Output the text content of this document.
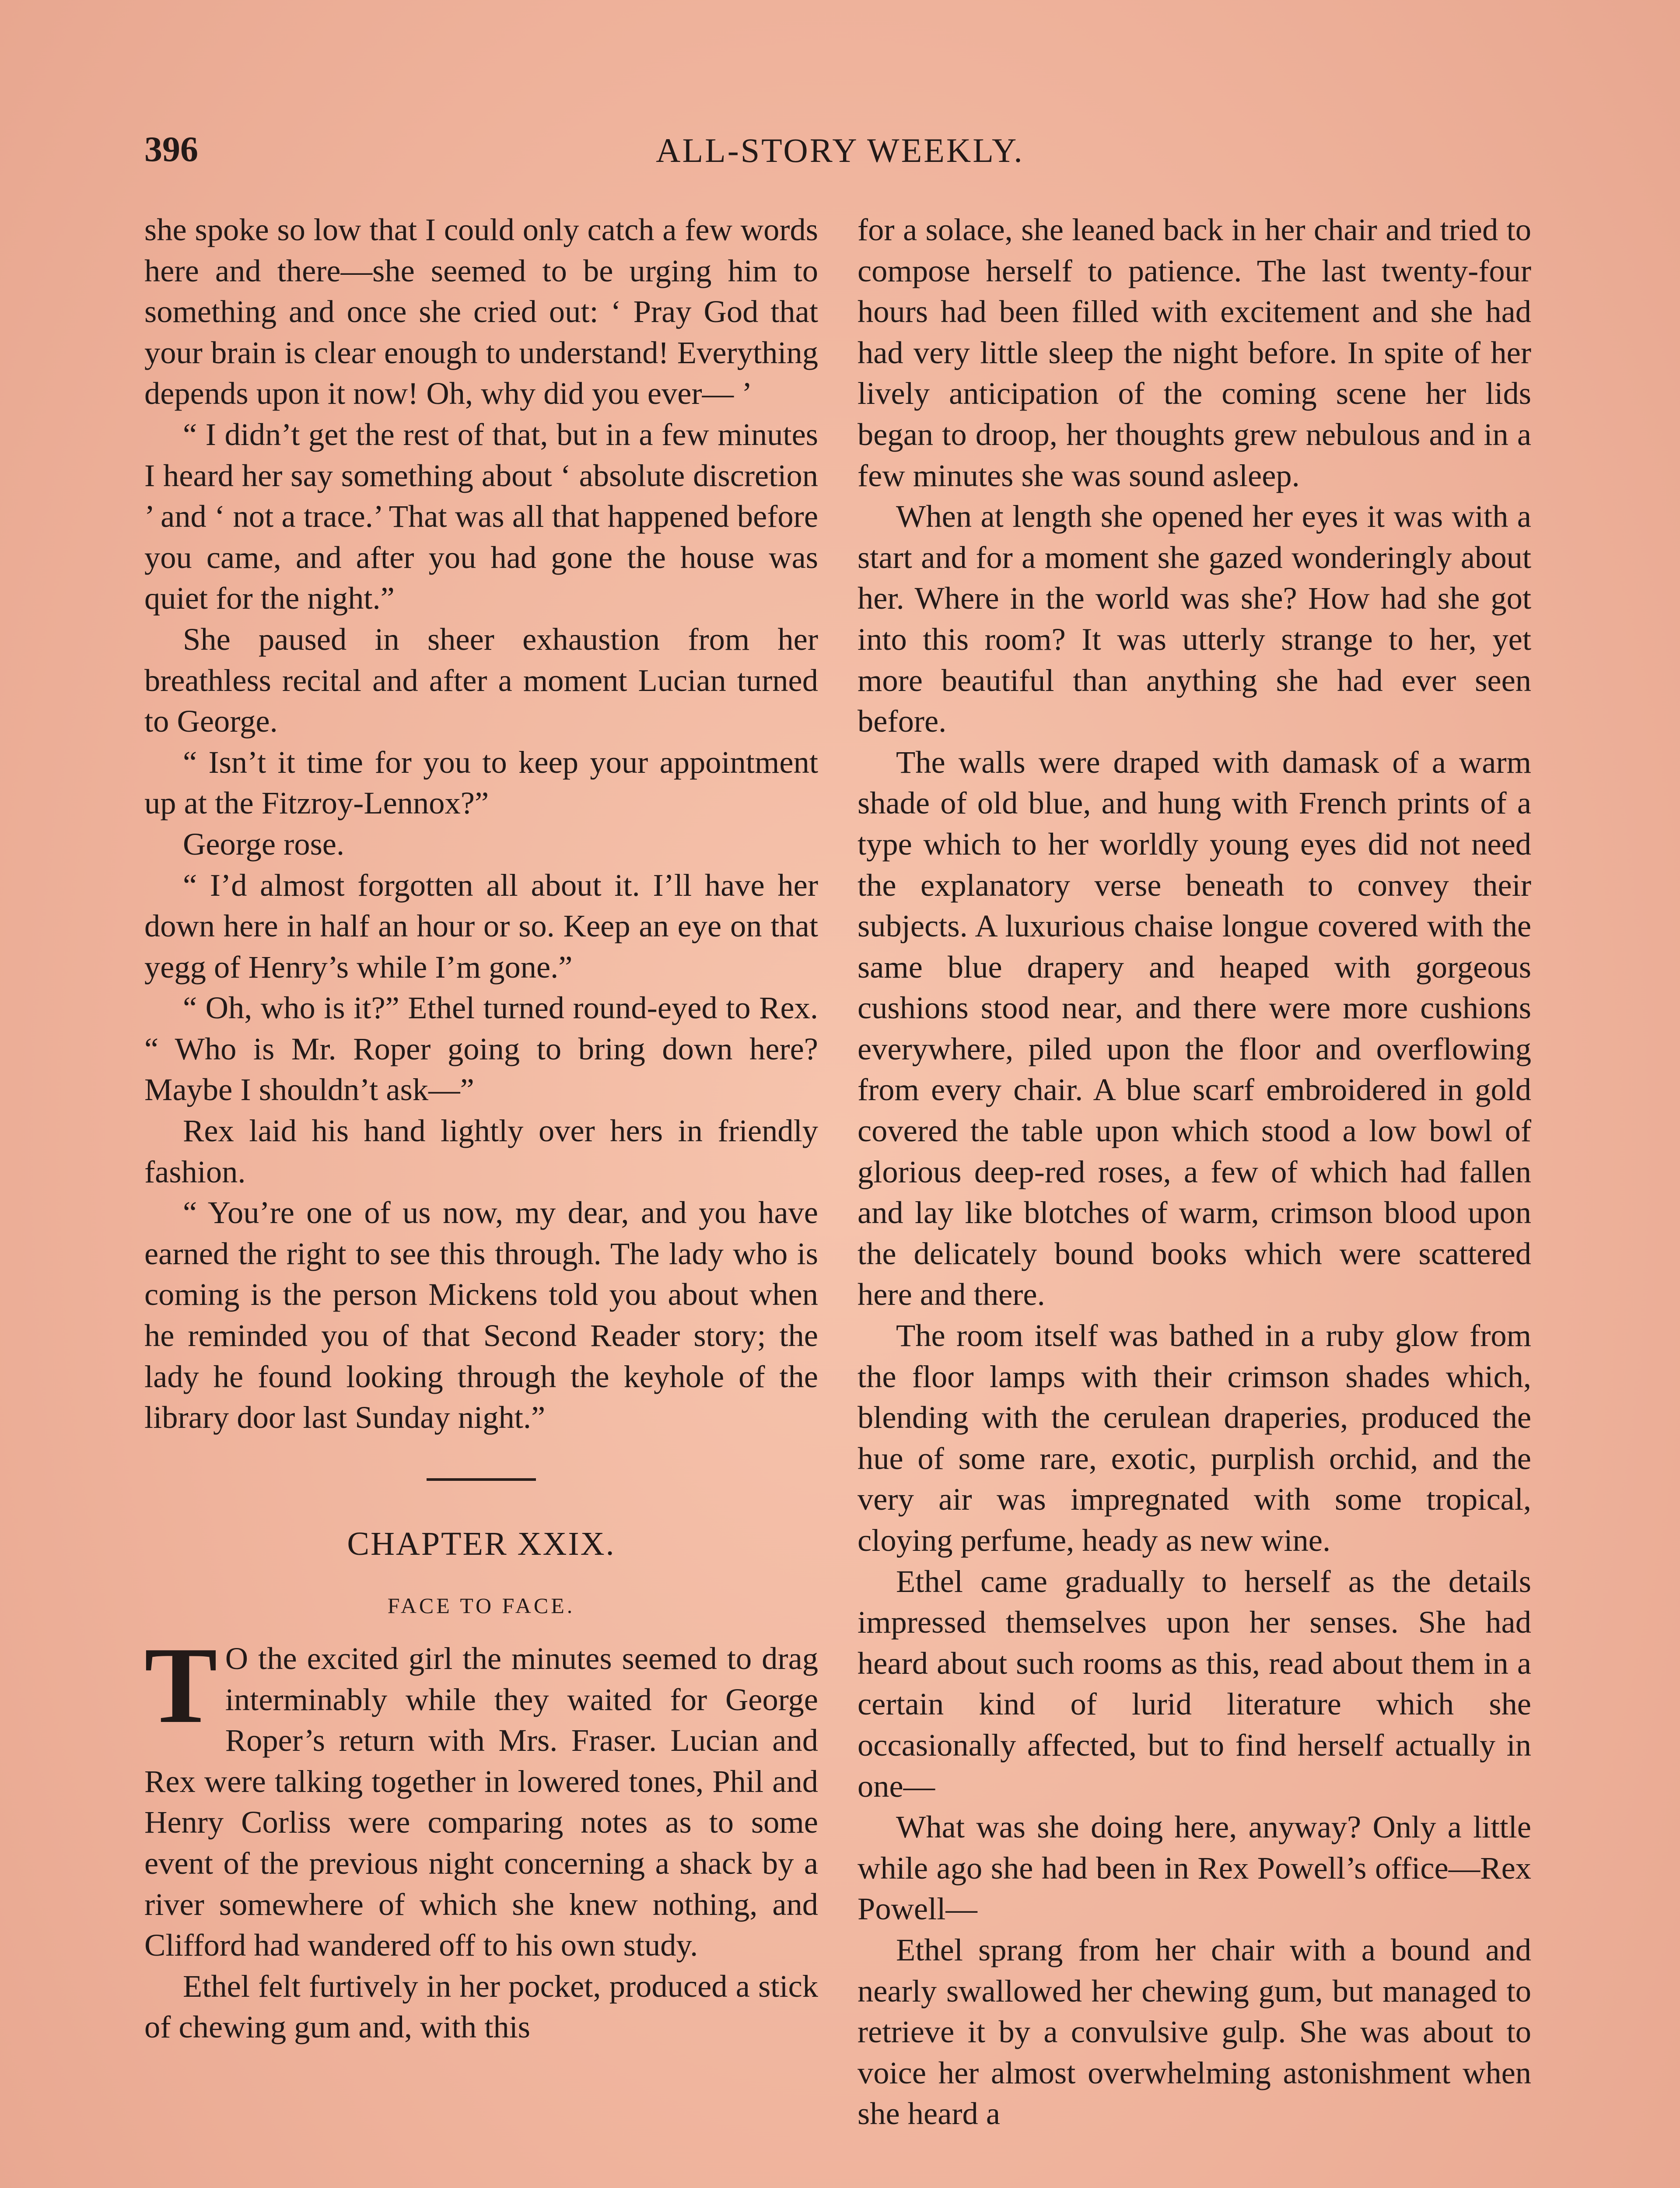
396	ALL-STORY WEEKLY.

she spoke so low that I could only catch a few words here and there—she seemed to be urging him to something and once she cried out: ‘ Pray God that your brain is clear enough to understand! Everything depends upon it now! Oh, why did you ever— ’

“ I didn’t get the rest of that, but in a few minutes I heard her say something about ‘ absolute discretion ’ and ‘ not a trace.’ That was all that happened before you came, and after you had gone the house was quiet for the night.”

She paused in sheer exhaustion from her breathless recital and after a moment Lucian turned to George.

“ Isn’t it time for you to keep your appointment up at the Fitzroy-Lennox?”

George rose.

“ I’d almost forgotten all about it. I’ll have her down here in half an hour or so. Keep an eye on that yegg of Henry’s while I’m gone.”

“ Oh, who is it?” Ethel turned round-eyed to Rex. “ Who is Mr. Roper going to bring down here? Maybe I shouldn’t ask—”

Rex laid his hand lightly over hers in friendly fashion.

“ You’re one of us now, my dear, and you have earned the right to see this through. The lady who is coming is the person Mickens told you about when he reminded you of that Second Reader story; the lady he found looking through the keyhole of the library door last Sunday night.”

CHAPTER XXIX.
FACE TO FACE.

T O the excited girl the minutes seemed to drag interminably while they waited for George Roper’s return with Mrs. Fraser. Lucian and Rex were talking together in lowered tones, Phil and Henry Corliss were comparing notes as to some event of the previous night concerning a shack by a river somewhere of which she knew nothing, and Clifford had wandered off to his own study.

Ethel felt furtively in her pocket, produced a stick of chewing gum and, with this

for a solace, she leaned back in her chair and tried to compose herself to patience. The last twenty-four hours had been filled with excitement and she had had very little sleep the night before. In spite of her lively anticipation of the coming scene her lids began to droop, her thoughts grew nebulous and in a few minutes she was sound asleep.

When at length she opened her eyes it was with a start and for a moment she gazed wonderingly about her. Where in the world was she? How had she got into this room? It was utterly strange to her, yet more beautiful than anything she had ever seen before.

The walls were draped with damask of a warm shade of old blue, and hung with French prints of a type which to her worldly young eyes did not need the explanatory verse beneath to convey their subjects. A luxurious chaise longue covered with the same blue drapery and heaped with gorgeous cushions stood near, and there were more cushions everywhere, piled upon the floor and overflowing from every chair. A blue scarf embroidered in gold covered the table upon which stood a low bowl of glorious deep-red roses, a few of which had fallen and lay like blotches of warm, crimson blood upon the delicately bound books which were scattered here and there.

The room itself was bathed in a ruby glow from the floor lamps with their crimson shades which, blending with the cerulean draperies, produced the hue of some rare, exotic, purplish orchid, and the very air was impregnated with some tropical, cloying perfume, heady as new wine.

Ethel came gradually to herself as the details impressed themselves upon her senses. She had heard about such rooms as this, read about them in a certain kind of lurid literature which she occasionally affected, but to find herself actually in one—

What was she doing here, anyway? Only a little while ago she had been in Rex Powell’s office—Rex Powell—

Ethel sprang from her chair with a bound and nearly swallowed her chewing gum, but managed to retrieve it by a convulsive gulp. She was about to voice her almost overwhelming astonishment when she heard a
